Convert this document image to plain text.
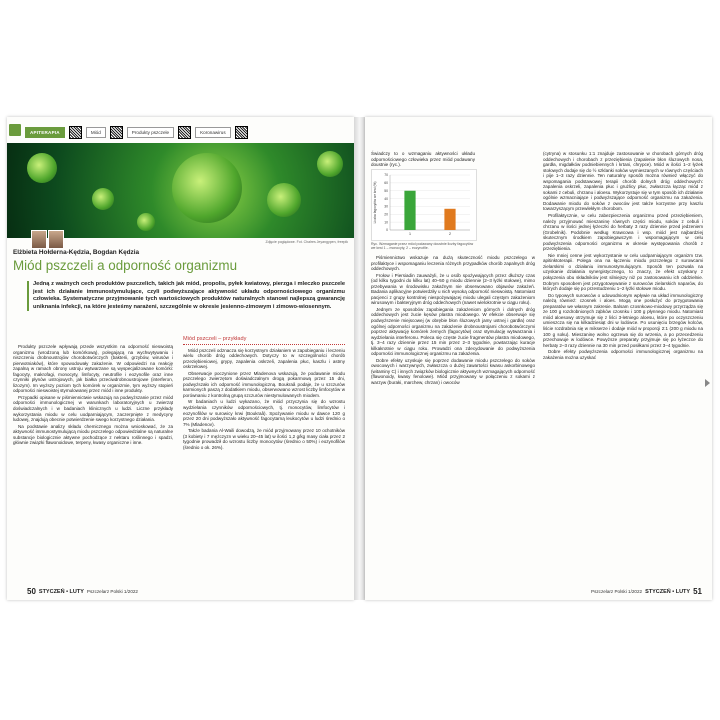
APITERAPIA	Miód	Produkty pszczele	Koronawirus
Zdjęcie poglądowe. Fot. Chalres Jeyangypen, freepik
Elżbieta Hołderna-Kędzia, Bogdan Kędzia
Miód pszczeli a odporność organizmu
Jedną z ważnych cech produktów pszczelich, takich jak miód, propolis, pyłek kwiatowy, pierzga i mleczko pszczele jest ich działanie immunostymulujące, czyli podwyższające aktywność układu odpornościowego organizmu człowieka. Systematyczne przyjmowanie tych wartościowych produktów naturalnych stanowi najlepszą gwarancję uniknania infekcji, na które jesteśmy narażeni, szczególnie w okresie jesienno-zimowym i zimowo-wiosennym.

Produkty pszczele wpływają przede wszystkim na odporność nieswoistą organizmu (wrodzoną lub komórkową), polegającą na wychwytywaniu i niszczeniu drobnoustrojów chorobotwórczych (bakterii, grzybów, wirusów i pierwotniaków), które spowodowały zakażenie. W odpowiedzi na reakcję zapalną w ramach obrony ustroju wytwarzane są wyspecjalizowane komórki: fagocyty, makrofagi, monocyty, limfocyty, neutrofile i eozynofile oraz inne czynniki płynów ustrojowych, jak białka przeciwdrobnoustrojowe (interferon, lizozym). Im wyższy poziom tych komórek w organizmie, tym wyższy stopień odporności nieswoistej stymulowanej przez miód i inne produkty.

Przypadki opisane w piśmiennictwie wskazują na podwyższanie przez miód odporności immunologicznej w warunkach laboratoryjnych u zwierząt doświadczalnych i w badaniach klinicznych u ludzi. Liczne przykłady wykorzystania miodu w celu uodparniającym, zaczerpnięte z medycyny ludowej, znajdują obecnie potwierdzenie swego korzystnego działania.

Na podstawie analizy składu chemicznego można wnioskować, że za aktywność immunostymulującą miodu pszczelego odpowiedzialne są naturalne substancje biologicznie aktywne pochodzące z nektaru roślinnego i spadzi, głównie związki flawonoidowe, terpeny, kwasy organiczne i inne.

Miód pszczeli – przykłady

Miód pszczeli odznacza się korzystnym działaniem w zapobieganiu i leczeniu wielu chorób dróg oddechowych. Dotyczy to w szczególności chorób przeziębieniowej, grypy, zapalenia oskrzeli, zapalenia płuc, kaszlu i astmy oskrzelowej.

Obserwacje poczynione przez Mladenova wskazują, że podawanie miodu pszczelego zwierzętom doświadczalnym drogą pokarmową przez 15 dni, podwyższało ich odporność immunologiczną. Boukraâ podaje, że u szczurów karmionych paszą z dodatkiem miodu, obserwowano wzrost liczby limfocytów w porównaniu z kontrolną grupą szczurów niestymulowanych miodem.

W badaniach u ludzi wykazano, że miód przyczynia się do wzrostu wydzielania czynników odpornościowych, tj. monocytów, limfocytów i eozynofilów w surowicy krwi (Boukraâ). Spożywanie miodu w dawce 120 g przez 20 dni podwyższało aktywność fagocytarną leukocytów u ludzi średnio o 7% (Mladenov).

Także badania Al-Waili dowodzą, że miód przyjmowany przez 10 ochotników (3 kobiety i 7 mężczyzn w wieku 20–45 lat) w ilości 1,2 g/kg masy ciała przez 2 tygodnie prowadził do wzrostu liczby monocytów (średnio o 50%) i eozynofilów (średnio o ok. 26%).

50 STYCZEŃ • LUTY Pszczelarz Polski 1/2022

Świadczy to o wzmaganiu aktywności układu odpornościowego człowieka przez miód podawany doustnie (ryc.).

0
10
20
30
40
50
60
70
1	2
Liczba fagocytów we krwi (%)
Ryc. Wzmaganie przez miód podawany doustnie liczby fagocytów we krwi 1 – monocyty, 2 – eozynofile.

Piśmiennictwo wskazuje na dużą skuteczność miodu pszczelego w profilaktyce i wspomaganiu leczenia różnych przypadków chorób zapalnych dróg oddechowych.

Frołow i Piersiadin zauważyli, że u osób spożywających przez dłuższy czas (od kilku tygodni do kilku lat) 40–50 g miodu dziennie (2–3 łyżki stołowe), mimo przebywania w środowisku zakaźnym nie obserwowano objawów zakażeń. Badania aplikacyjne potwierdziły u nich wysoką odporność nieswoistą. Natomiast pacjenci z grupy kontrolnej niespożywającej miodu ulegali częstym zakażeniom wirusowym i bakteryjnym dróg oddechowych (nawet wielokrotnie w ciągu roku).

Jednym ze sposobów zapobiegania zakażeniom górnych i dolnych dróg oddechowych jest żucie kęsów plastra miodowego. W efekcie obserwuje się podwyższenie miejscowej (w obrębie błon śluzowych jamy ustnej i gardła) oraz ogólnej odporności organizmu na zakażenie drobnoustrojami chorobotwórczymi poprzez aktywację komórek żernych (fagocytów) oraz stymulację wytwarzania i wydzielania interferonu. Poleca się częste żucie fragmentów plastra miodowego, tj. 3–4 razy dziennie przez 15 min przez 2–3 tygodnie, powtarzając kuracje kilkakrotnie w ciągu roku. Prowadzi ona zdecydowanie do podwyższenia odporności immunologicznej organizmu na zakażenia.

Dobre efekty uzyskuje się poprzez dodawanie miodu pszczelego do soków owocowych i warzywnych, zwłaszcza o dużej zawartości kwasu askorbinowego (witaminy C) i innych związków biologicznie aktywnych wzmagających odporność (flawonoidy, kwasy fenolowe). Miód przyjmowany w połączeniu z sokami z warzyw (buraki, marchew, chrzan) i owoców

(cytryna) w stosunku 1:1 znajduje zastosowanie w chorobach górnych dróg oddechowych i chorobach z przeziębienia (zapalenie błon śluzowych nosa, gardła, migdałków podniebiennych i krtani, chrypce). Miód w ilości 1–2 łyżek stołowych dodaje się do ½ szklanki soków wymieszanych w równych częściach i pije 1–3 razy dziennie. Ten naturalny sposób można również włączyć do wspomagania podstawowej terapii chorób dolnych dróg oddechowych: zapalenia oskrzeli, zapalenia płuc i grużlicy płuc, zwłaszcza łącząc miód z sokami z cebuli, chrzanu i aloesu. Wykorzystuje się w tym sposób ich działanie ogólnie wzmacniające i podwyższające odporność organizmu na zakażenia. Dodawanie miodu do soków z owoców jest także korzystne przy kaszlu towarzyszącym przewlekłym chorobom.

Profilaktycznie, w celu zabezpieczenia organizmu przed przeziębieniem, należy przyjmować mieszaninę równych części miodu, soków z cebuli i chrzanu w ilości jednej łyżeczki do herbaty 3 razy dziennie przed jedzeniem (Grobelnik). Podobnie według Krawcowa i wsp. miód jest najbardziej skutecznym środkiem zapobiegawczym i wspomagającym w celu podwyższenia odporności organizmu w okresie występowania chorób z przeziębienia.

Nie mniej cenne jest wykorzystanie w celu uodparniającym organizm tzw. apitinktoterapii. Polega ona na łączeniu miodu pszczelego z surowcami zielarskimi o działaniu immunostymulującym. Sposób ten pozwala na uzyskanie działania synergistycznego, to znaczy, że efekt uzyskany z połączenia obu składników jest silniejszy niż po zastosowaniu ich oddzielnie. Dobrym sposobem jest przygotowywanie z surowców zielarskich naparów, do których dodaje się po przestudzeniu 1–2 łyżki stołowe miodu.

Do typowych surowców o udowodnionym wpływie na układ immunologiczny należą również: czosnek i aloes. Mogą one posłużyć do przygotowania preparatów we własnym zakresie. Balsam czosnkowo-miodowy przyrządza się ze 100 g rozdrobnionych ząbków czosnku i 100 g płynnego miodu. Natomiast miód aloesowy otrzymuje się z liści 3-letniego aloesu, które po oczyszczeniu umieszcza się na kilkadziesiąt dni w lodówce. Po usunięciu brzegów kolców, liście rozdrabnia się w mikserze i dodaje miód w proporcji 2:1 (200 g miodu na 100 g soku). Mieszaninę wolno ogrzewa się do wrzenia, a po przecedzeniu przechowuje w lodówce. Powyższe preparaty przyjmuje się po łyżeczce do herbaty 2–3 razy dziennie na 30 min przed posiłkami przez 3–4 tygodnie.

Dobre efekty podwyższenia odporności immunologicznej organizmu na zakażenia można uzyskać

Pszczelarz Polski 1/2022 STYCZEŃ • LUTY 51
